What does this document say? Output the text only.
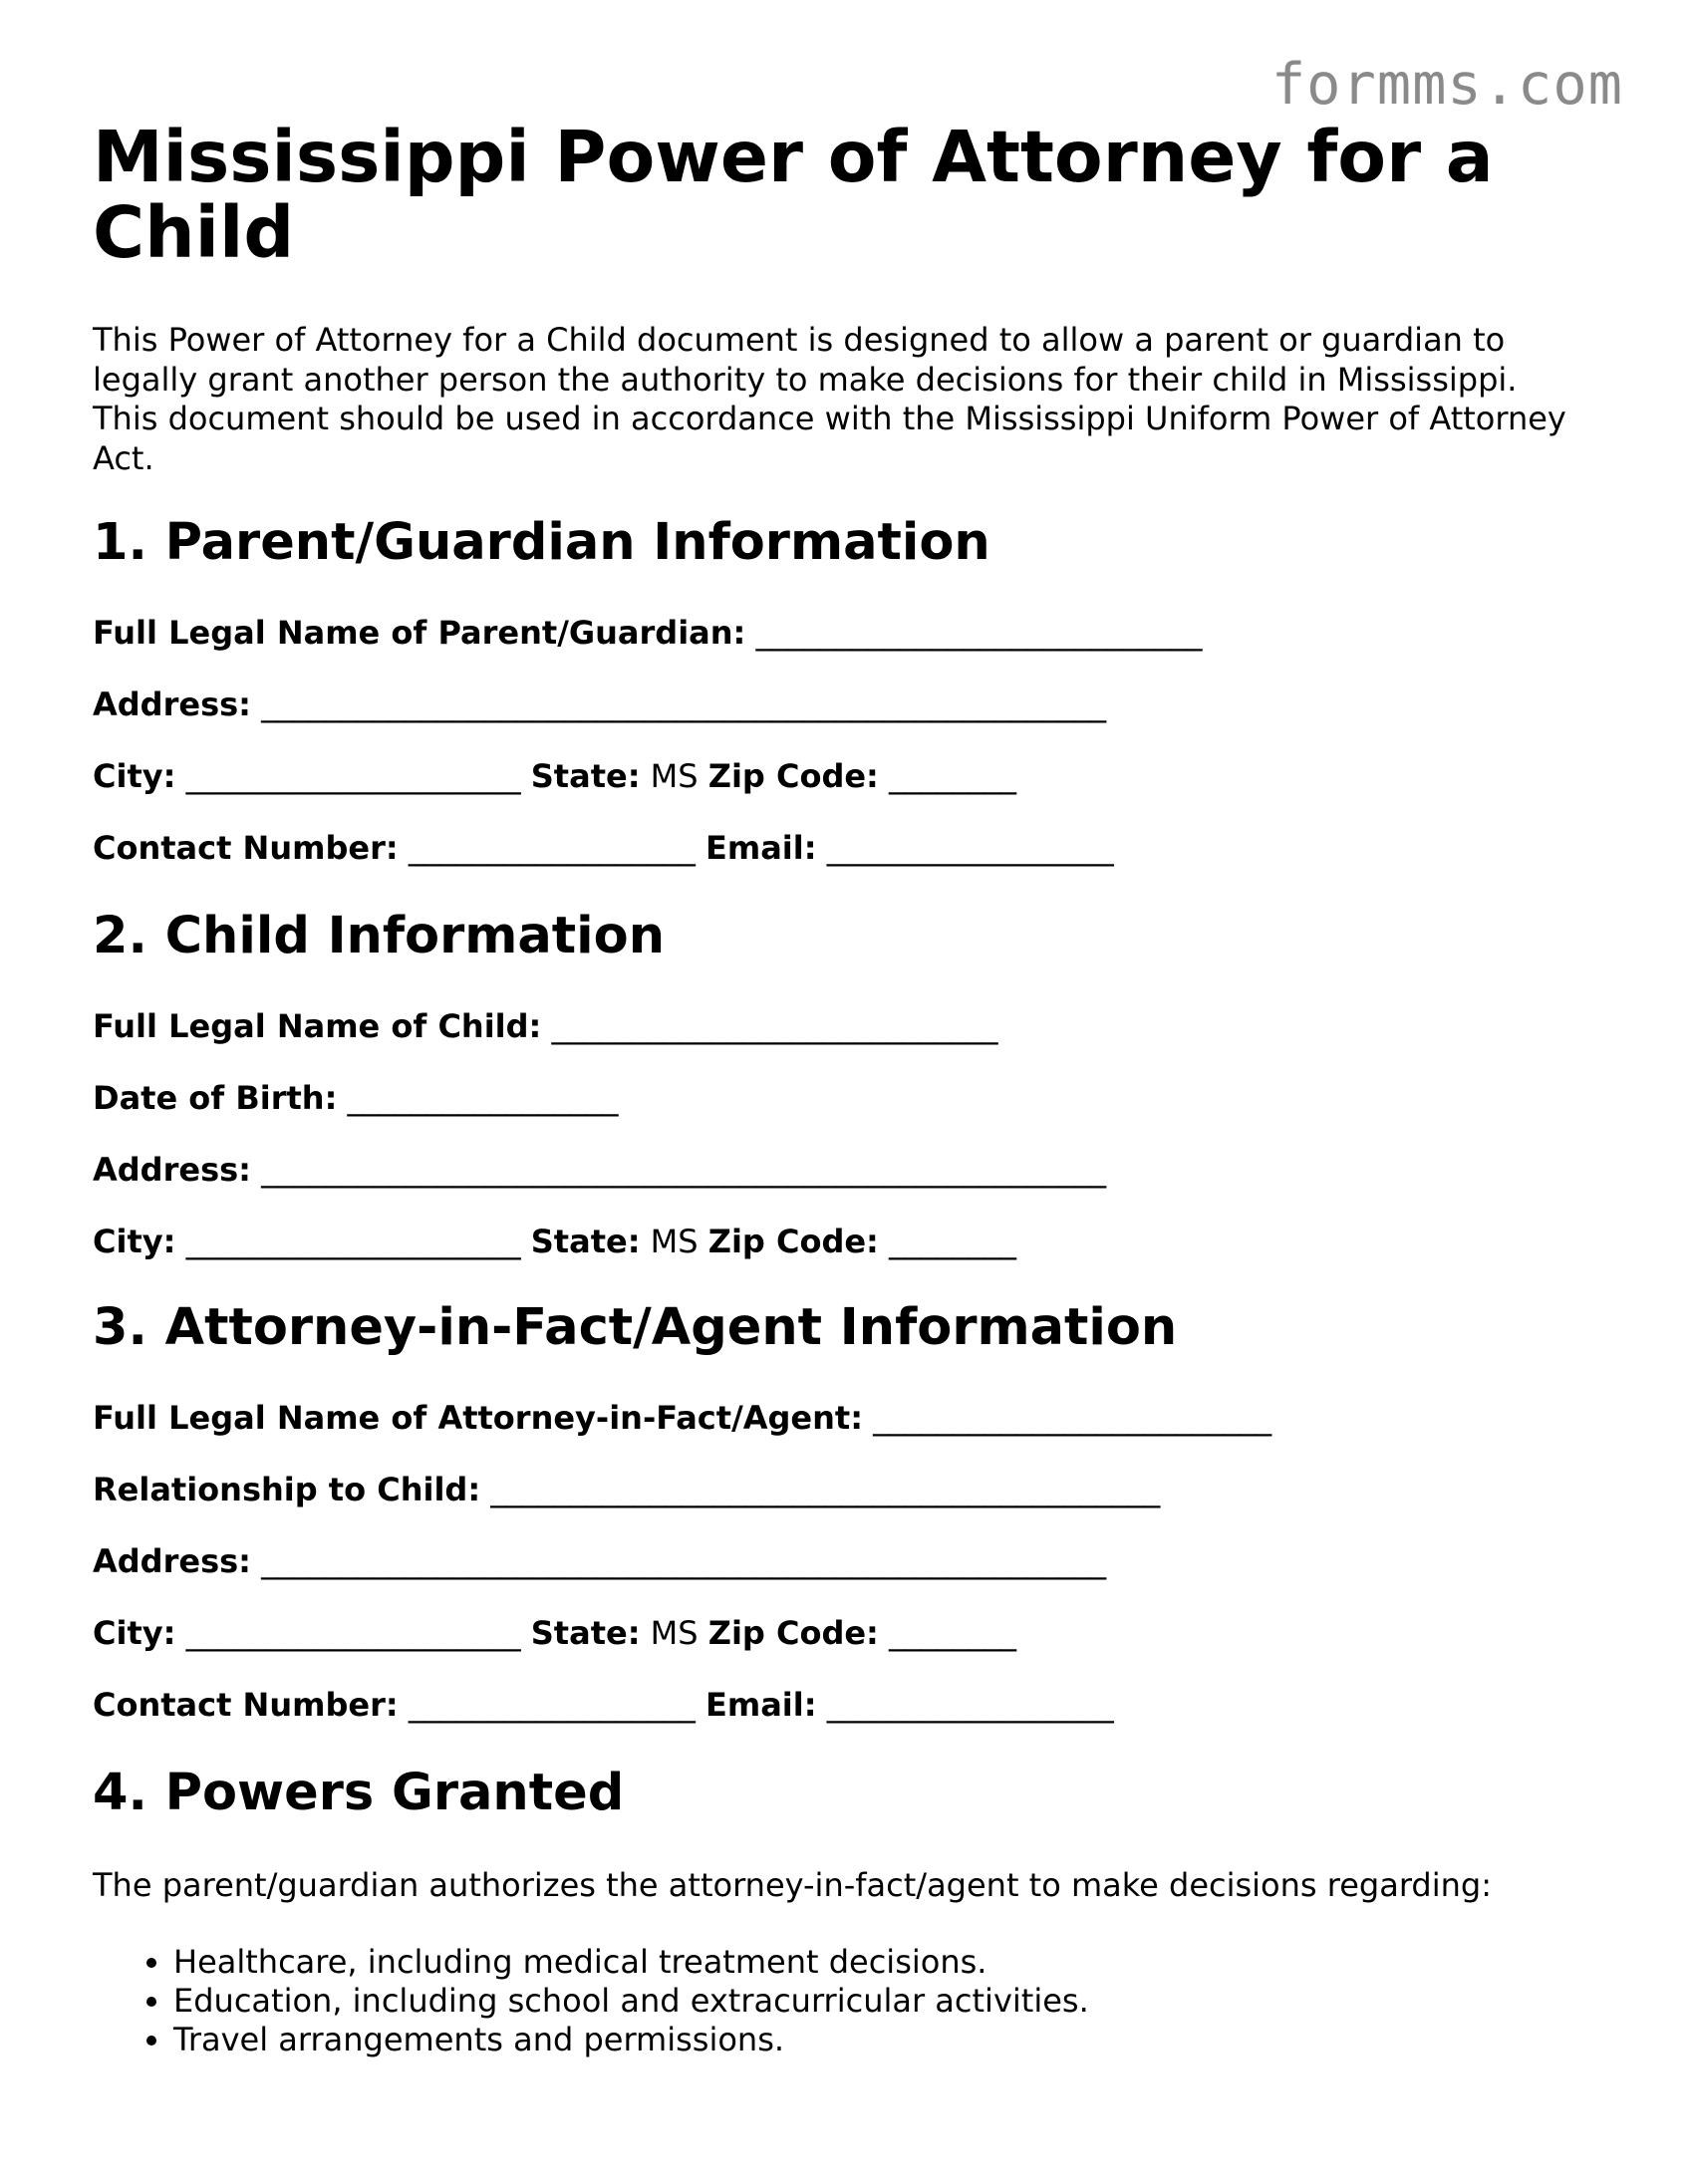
formms.com
Mississippi Power of Attorney for a Child

This Power of Attorney for a Child document is designed to allow a parent or guardian to legally grant another person the authority to make decisions for their child in Mississippi. This document should be used in accordance with the Mississippi Uniform Power of Attorney Act.

1. Parent/Guardian Information
Full Legal Name of Parent/Guardian: ____________________________
Address: _____________________________________________________
City: _____________________ State: MS Zip Code: ________
Contact Number: __________________ Email: __________________
2. Child Information
Full Legal Name of Child: ____________________________
Date of Birth: _________________
Address: _____________________________________________________
City: _____________________ State: MS Zip Code: ________
3. Attorney-in-Fact/Agent Information
Full Legal Name of Attorney-in-Fact/Agent: _________________________
Relationship to Child: __________________________________________
Address: _____________________________________________________
City: _____________________ State: MS Zip Code: ________
Contact Number: __________________ Email: __________________
4. Powers Granted

The parent/guardian authorizes the attorney-in-fact/agent to make decisions regarding:

• Healthcare, including medical treatment decisions.
• Education, including school and extracurricular activities.
• Travel arrangements and permissions.
